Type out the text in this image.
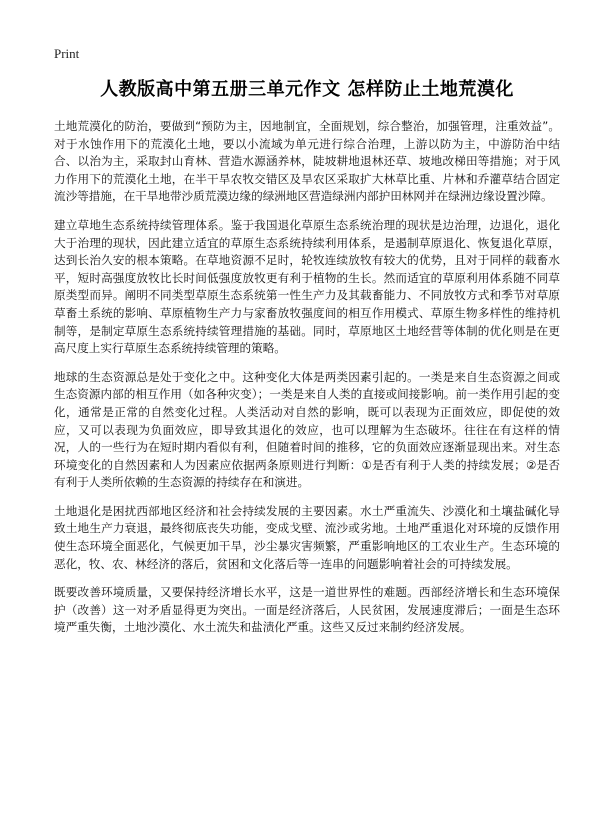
Print
人教版高中第五册三单元作文 怎样防止土地荒漠化

土地荒漠化的防治，要做到“预防为主，因地制宜，全面规划，综合整治，加强管理，注重效益”。对于水蚀作用下的荒漠化土地，要以小流域为单元进行综合治理，上游以防为主，中游防治中结合、以治为主，采取封山育林、营造水源涵养林，陡坡耕地退林还草、坡地改梯田等措施；对于风力作用下的荒漠化土地，在半干旱农牧交错区及旱农区采取扩大林草比重、片林和乔灌草结合固定流沙等措施，在干旱地带沙质荒漠边缘的绿洲地区营造绿洲内部护田林网并在绿洲边缘设置沙障。

建立草地生态系统持续管理体系。鉴于我国退化草原生态系统治理的现状是边治理，边退化，退化大于治理的现状，因此建立适宜的草原生态系统持续利用体系，是遏制草原退化、恢复退化草原，达到长治久安的根本策略。在草地资源不足时，轮牧连续放牧有较大的优势，且对于同样的载畜水平，短时高强度放牧比长时间低强度放牧更有利于植物的生长。然而适宜的草原利用体系随不同草原类型而异。阐明不同类型草原生态系统第一性生产力及其载畜能力、不同放牧方式和季节对草原草畜土系统的影响、草原植物生产力与家畜放牧强度间的相互作用模式、草原生物多样性的维持机制等，是制定草原生态系统持续管理措施的基础。同时，草原地区土地经营等体制的优化则是在更高尺度上实行草原生态系统持续管理的策略。

地球的生态资源总是处于变化之中。这种变化大体是两类因素引起的。一类是来自生态资源之间或生态资源内部的相互作用（如各种灾变）；一类是来自人类的直接或间接影响。前一类作用引起的变化，通常是正常的自然变化过程。人类活动对自然的影响，既可以表现为正面效应，即促使的效应，又可以表现为负面效应，即导致其退化的效应，也可以理解为生态破坏。往往在有这样的情况，人的一些行为在短时期内看似有利，但随着时间的推移，它的负面效应逐渐显现出来。对生态环境变化的自然因素和人为因素应依据两条原则进行判断：①是否有利于人类的持续发展；②是否有利于人类所依赖的生态资源的持续存在和演进。

土地退化是困扰西部地区经济和社会持续发展的主要因素。水土严重流失、沙漠化和土壤盐碱化导致土地生产力衰退，最终彻底丧失功能，变成戈壁、流沙或劣地。土地严重退化对环境的反馈作用使生态环境全面恶化，气候更加干旱，沙尘暴灾害频繁，严重影响地区的工农业生产。生态环境的恶化，牧、农、林经济的落后，贫困和文化落后等一连串的问题影响着社会的可持续发展。

既要改善环境质量，又要保持经济增长水平，这是一道世界性的难题。西部经济增长和生态环境保护（改善）这一对矛盾显得更为突出。一面是经济落后，人民贫困，发展速度滞后；一面是生态环境严重失衡，土地沙漠化、水土流失和盐渍化严重。这些又反过来制约经济发展。
